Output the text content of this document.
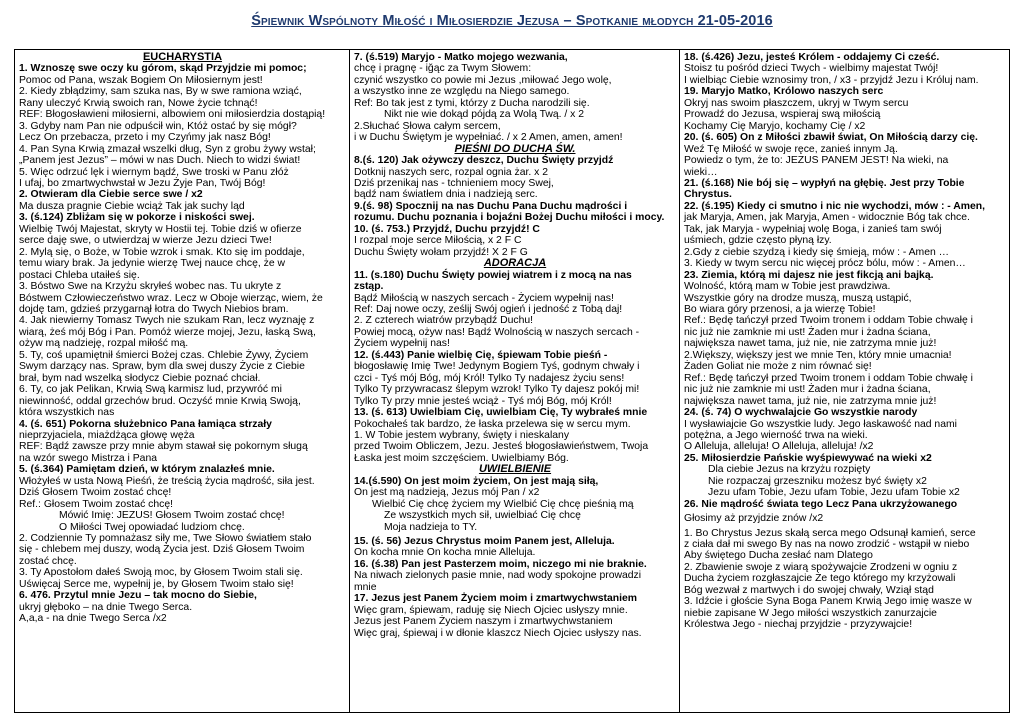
Śpiewnik Wspólnoty Miłość i Miłosierdzie Jezusa – Spotkanie młodych 21-05-2016
EUCHARYSTIA
1. Wznoszę swe oczy ku górom, skąd Przyjdzie mi pomoc;
Pomoc od Pana, wszak Bogiem On Miłosiernym jest!
2. Kiedy zbłądzimy, sam szuka nas, By w swe ramiona wziąć,
Rany uleczyć Krwią swoich ran, Nowe życie tchnąć!
REF: Błogosławieni miłosierni, albowiem oni miłosierdzia dostąpią!
3. Gdyby nam Pan nie odpuścił win, Któż ostać by się mógł?
Lecz On przebacza, przeto i my Czyńmy jak nasz Bóg!
4. Pan Syna Krwią zmazał wszelki dług, Syn z grobu żywy wstał;
„Panem jest Jezus” – mówi w nas Duch. Niech to widzi świat!
5. Więc odrzuć lęk i wiernym bądź, Swe troski w Panu złóż
I ufaj, bo zmartwychwstał w Jezu Żyje Pan, Twój Bóg!
2. Otwieram dla Ciebie serce swe / x2
Ma dusza pragnie Ciebie wciąż Tak jak suchy ląd
3. (ś.124) Zbliżam się w pokorze i niskości swej.
Wielbię Twój Majestat, skryty w Hostii tej. Tobie dziś w ofierze
serce daję swe, o utwierdzaj w wierze Jezu dzieci Twe!
2. Mylą się, o Boże, w Tobie wzrok i smak. Kto się im poddaje,
temu wiary brak. Ja jedynie wierzę Twej nauce chcę, że w
postaci Chleba utaiłeś się.
3. Bóstwo Swe na Krzyżu skryłeś wobec nas. Tu ukryte z
Bóstwem Człowieczeństwo wraz. Lecz w Oboje wierząc, wiem, że
dojdę tam, gdzieś przygarnął łotra do Twych Niebios bram.
4. Jak niewierny Tomasz Twych nie szukam Ran, lecz wyznaję z
wiarą, żeś mój Bóg i Pan. Pomóż wierze mojej, Jezu, łaską Swą,
ożyw mą nadzieję, rozpal miłość mą.
5. Ty, coś upamiętnił śmierci Bożej czas. Chlebie Żywy, Życiem
Swym darzący nas. Spraw, bym dla swej duszy Życie z Ciebie
brał, bym nad wszelką słodycz Ciebie poznać chciał.
6. Ty, co jak Pelikan, Krwią Swą karmisz lud, przywróć mi
niewinność, oddal grzechów brud. Oczyść mnie Krwią Swoją,
która wszystkich nas
4. (ś. 651) Pokorna służebnico Pana łamiąca strzały
nieprzyjaciela, miażdżąca głowę węża
REF: Bądź zawsze przy mnie abym stawał się pokornym sługą
na wzór swego Mistrza i Pana
5. (ś.364) Pamiętam dzień, w którym znalazłeś mnie.
Włożyłeś w usta Nową Pieśń, że treścią życia mądrość, siła jest.
Dziś Głosem Twoim zostać chcę!
Ref.: Głosem Twoim zostać chcę!
Mówić Imię: JEZUS! Głosem Twoim zostać chcę!
O Miłości Twej opowiadać ludziom chcę.
2. Codziennie Ty pomnażasz siły me, Twe Słowo światłem stało
się - chlebem mej duszy, wodą Życia jest. Dziś Głosem Twoim
zostać chcę.
3. Ty Apostołom dałeś Swoją moc, by Głosem Twoim stali się.
Uświęcaj Serce me, wypełnij je, by Głosem Twoim stało się!
6. 476. Przytul mnie Jezu – tak mocno do Siebie,
ukryj głęboko – na dnie Twego Serca.
A,a,a - na dnie Twego Serca /x2
7. (ś.519) Maryjo - Matko mojego wezwania,
chcę i pragnę - iğąc za Twym Słowem:
czynić wszystko co powie mi Jezus ,miłować Jego wolę,
a wszystko inne ze względu na Niego samego.
Ref: Bo tak jest z tymi, którzy z Ducha narodzili się.
Nikt nie wie dokąd pójdą za Wolą Twą. / x 2
2.Słuchać Słowa całym sercem,
i w Duchu Świętym je wypełniać. / x 2 Amen, amen, amen!
PIEŚNI DO DUCHA ŚW.
8.(ś. 120) Jak ożywczy deszcz, Duchu Święty przyjdź
Dotknij naszych serc, rozpal ognia żar. x 2
Dziś przenikaj nas - tchnieniem mocy Swej,
bądź nam światłem dnia i nadzieją serc.
9.(ś. 98) Spocznij na nas Duchu Pana Duchu mądrości i
rozumu. Duchu poznania i bojaźni Bożej Duchu miłości i mocy.
10. (ś. 753.) Przyjdź, Duchu przyjdź! C
I rozpal moje serce Miłością, x 2 F C
Duchu Święty wołam przyjdź! X 2 F G
ADORACJA
11. (s.180) Duchu Święty powiej wiatrem i z mocą na nas
zstąp.
Bądź Miłością w naszych sercach - Życiem wypełnij nas!
Ref: Daj nowe oczy, ześlij Swój ogień i jedność z Tobą daj!
2. Z czterech wiatrów przybądź Duchu!
Powiej mocą, ożyw nas! Bądź Wolnością w naszych sercach -
Życiem wypełnij nas!
12. (ś.443) Panie wielbię Cię, śpiewam Tobie pieśń -
błogosławię Imię Twe! Jedynym Bogiem Tyś, godnym chwały i
czci - Tyś mój Bóg, mój Król! Tylko Ty nadajesz życiu sens!
Tylko Ty przywracasz ślepym wzrok! Tylko Ty dajesz pokój mi!
Tylko Ty przy mnie jesteś wciąż - Tyś mój Bóg, mój Król!
13. (ś. 613) Uwielbiam Cię, uwielbiam Cię, Ty wybrałeś mnie
Pokochałeś tak bardzo, że łaska przelewa się w sercu mym.
1. W Tobie jestem wybrany, święty i nieskalany
przed Twoim Obliczem, Jezu. Jesteś błogosławieństwem, Twoja
Łaska jest moim szczęściem. Uwielbiamy Bóg.
UWIELBIENIE
14.(ś.590) On jest moim życiem, On jest mają siłą,
On jest mą nadzieją, Jezus mój Pan / x2
Wielbić Cię chcę życiem my Wielbić Cię chcę pieśnią mą
Ze wszystkich mych sił, uwielbiać Cię chcę
Moja nadzieja to TY.
15. (ś. 56) Jezus Chrystus moim Panem jest, Alleluja.
On kocha mnie On kocha mnie Alleluja.
16. (ś.38) Pan jest Pasterzem moim, niczego mi nie braknie.
Na niwach zielonych pasie mnie, nad wody spokojne prowadzi
mnie
17. Jezus jest Panem Życiem moim i zmartwychwstaniem
Więc gram, śpiewam, raduję się Niech Ojciec usłyszy mnie.
Jezus jest Panem Życiem naszym i zmartwychwstaniem
Więc graj, śpiewaj i w dłonie klaszcz Niech Ojciec usłyszy nas.
18. (ś.426) Jezu, jesteś Królem - oddajemy Ci cześć.
Stoisz tu pośród dzieci Twych - wielbimy majestat Twój!
I wielbiąc Ciebie wznosimy tron, / x3 - przyjdź Jezu i Króluj nam.
19. Maryjo Matko, Królowo naszych serc
Okryj nas swoim płaszczem, ukryj w Twym sercu
Prowadź do Jezusa, wspieraj swą miłością
Kochamy Cię Maryjo, kochamy Cię / x2
20. (ś. 605) On z Miłości zbawił świat, On Miłością darzy cię.
Weź Tę Miłość w swoje ręce, zanieś innym Ją.
Powiedz o tym, że to: JEZUS PANEM JEST! Na wieki, na
wieki…
21. (ś.168) Nie bój się – wypłyń na głębię. Jest przy Tobie
Chrystus.
22. (ś.195) Kiedy ci smutno i nic nie wychodzi, mów : - Amen,
jak Maryja, Amen, jak Maryja, Amen - widocznie Bóg tak chce.
Tak, jak Maryja - wypełniaj wolę Boga, i zanieś tam swój
uśmiech, gdzie często płyną łzy.
2.Gdy z ciebie szydzą i kiedy się śmieją, mów : - Amen …
3. Kiedy w twym sercu nic więcej prócz bólu, mów : - Amen…
23. Ziemia, którą mi dajesz nie jest fikcją ani bajką.
Wolność, którą mam w Tobie jest prawdziwa.
Wszystkie góry na drodze muszą, muszą ustąpić,
Bo wiara góry przenosi, a ja wierzę Tobie!
Ref.: Będę tańczył przed Twoim tronem i oddam Tobie chwałę i
nic już nie zamknie mi ust! Żaden mur i żadna ściana,
największa nawet tama, już nie, nie zatrzyma mnie już!
2.Większy, większy jest we mnie Ten, który mnie umacnia!
Żaden Goliat nie może z nim równać się!
Ref.: Będę tańczył przed Twoim tronem i oddam Tobie chwałę i
nic już nie zamknie mi ust! Żaden mur i żadna ściana,
największa nawet tama, już nie, nie zatrzyma mnie już!
24. (ś. 74) O wychwalajcie Go wszystkie narody
I wysławiajcie Go wszystkie ludy. Jego łaskawość nad nami
potężna, a Jego wierność trwa na wieki.
O Alleluja, alleluja! O Alleluja, alleluja! /x2
25. Miłosierdzie Pańskie wyśpiewywać na wieki x2
Dla ciebie Jezus na krzyżu rozpięty
Nie rozpaczaj grzeszniku możesz być święty x2
Jezu ufam Tobie, Jezu ufam Tobie, Jezu ufam Tobie x2
26. Nie mądrość świata tego Lecz Pana ukrzyżowanego
Głosimy aż przyjdzie znów /x2
1. Bo Chrystus Jezus skałą serca mego Odsunął kamień, serce
z ciała dał mi swego By nas na nowo zrodzić - wstąpił w niebo
Aby świętego Ducha zesłać nam Dlatego
2. Zbawienie swoje z wiarą spożywajcie Zrodzeni w ogniu z
Ducha życiem rozgłaszajcie Że tego którego my krzyżowali
Bóg wezwał z martwych i do swojej chwały, Wziął stąd
3. Idźcie i głoście Syna Boga Panem Krwią Jego imię wasze w
niebie zapisane W Jego miłości wszystkich zanurzajcie
Królestwa Jego - niechaj przyjdzie - przyzywajcie!
